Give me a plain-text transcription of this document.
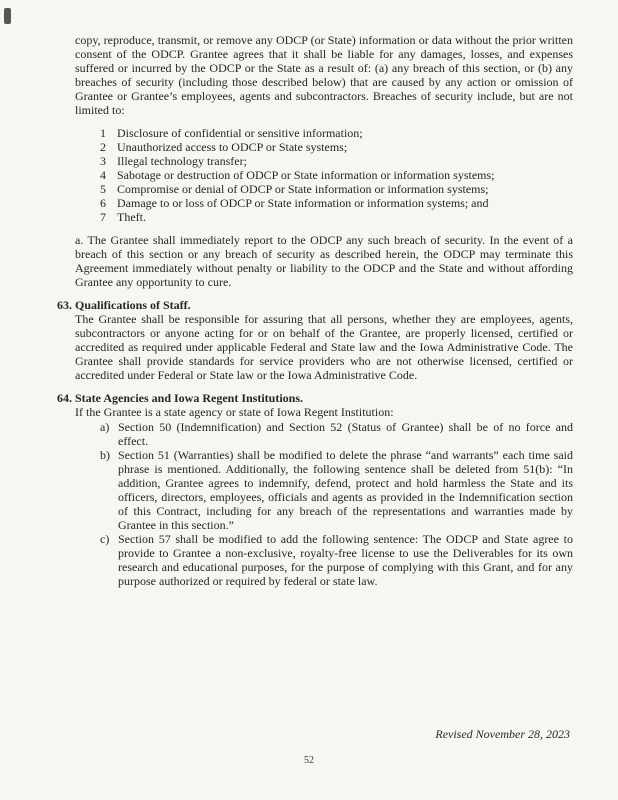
copy, reproduce, transmit, or remove any ODCP (or State) information or data without the prior written consent of the ODCP. Grantee agrees that it shall be liable for any damages, losses, and expenses suffered or incurred by the ODCP or the State as a result of: (a) any breach of this section, or (b) any breaches of security (including those described below) that are caused by any action or omission of Grantee or Grantee’s employees, agents and subcontractors. Breaches of security include, but are not limited to:

1 Disclosure of confidential or sensitive information;
2 Unauthorized access to ODCP or State systems;
3 Illegal technology transfer;
4 Sabotage or destruction of ODCP or State information or information systems;
5 Compromise or denial of ODCP or State information or information systems;
6 Damage to or loss of ODCP or State information or information systems; and
7 Theft.

a. The Grantee shall immediately report to the ODCP any such breach of security. In the event of a breach of this section or any breach of security as described herein, the ODCP may terminate this Agreement immediately without penalty or liability to the ODCP and the State and without affording Grantee any opportunity to cure.

63. Qualifications of Staff.

The Grantee shall be responsible for assuring that all persons, whether they are employees, agents, subcontractors or anyone acting for or on behalf of the Grantee, are properly licensed, certified or accredited as required under applicable Federal and State law and the Iowa Administrative Code. The Grantee shall provide standards for service providers who are not otherwise licensed, certified or accredited under Federal or State law or the Iowa Administrative Code.

64. State Agencies and Iowa Regent Institutions.

If the Grantee is a state agency or state of Iowa Regent Institution:

a) Section 50 (Indemnification) and Section 52 (Status of Grantee) shall be of no force and effect.
b) Section 51 (Warranties) shall be modified to delete the phrase “and warrants” each time said phrase is mentioned. Additionally, the following sentence shall be deleted from 51(b): “In addition, Grantee agrees to indemnify, defend, protect and hold harmless the State and its officers, directors, employees, officials and agents as provided in the Indemnification section of this Contract, including for any breach of the representations and warranties made by Grantee in this section.”
c) Section 57 shall be modified to add the following sentence: The ODCP and State agree to provide to Grantee a non-exclusive, royalty-free license to use the Deliverables for its own research and educational purposes, for the purpose of complying with this Grant, and for any purpose authorized or required by federal or state law.
Revised November 28, 2023
52
